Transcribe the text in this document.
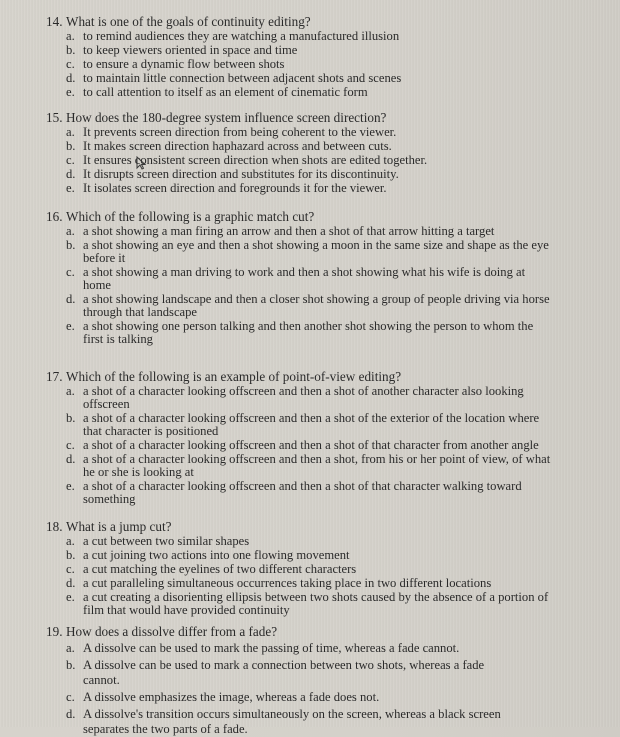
14. What is one of the goals of continuity editing?
a. to remind audiences they are watching a manufactured illusion
b. to keep viewers oriented in space and time
c. to ensure a dynamic flow between shots
d. to maintain little connection between adjacent shots and scenes
e. to call attention to itself as an element of cinematic form
15. How does the 180-degree system influence screen direction?
a. It prevents screen direction from being coherent to the viewer.
b. It makes screen direction haphazard across and between cuts.
c. It ensures consistent screen direction when shots are edited together.
d. It disrupts screen direction and substitutes for its discontinuity.
e. It isolates screen direction and foregrounds it for the viewer.
16. Which of the following is a graphic match cut?
a. a shot showing a man firing an arrow and then a shot of that arrow hitting a target
b. a shot showing an eye and then a shot showing a moon in the same size and shape as the eye before it
c. a shot showing a man driving to work and then a shot showing what his wife is doing at home
d. a shot showing landscape and then a closer shot showing a group of people driving via horse through that landscape
e. a shot showing one person talking and then another shot showing the person to whom the first is talking
17. Which of the following is an example of point-of-view editing?
a. a shot of a character looking offscreen and then a shot of another character also looking offscreen
b. a shot of a character looking offscreen and then a shot of the exterior of the location where that character is positioned
c. a shot of a character looking offscreen and then a shot of that character from another angle
d. a shot of a character looking offscreen and then a shot, from his or her point of view, of what he or she is looking at
e. a shot of a character looking offscreen and then a shot of that character walking toward something
18. What is a jump cut?
a. a cut between two similar shapes
b. a cut joining two actions into one flowing movement
c. a cut matching the eyelines of two different characters
d. a cut paralleling simultaneous occurrences taking place in two different locations
e. a cut creating a disorienting ellipsis between two shots caused by the absence of a portion of film that would have provided continuity
19. How does a dissolve differ from a fade?
a. A dissolve can be used to mark the passing of time, whereas a fade cannot.
b. A dissolve can be used to mark a connection between two shots, whereas a fade cannot.
c. A dissolve emphasizes the image, whereas a fade does not.
d. A dissolve's transition occurs simultaneously on the screen, whereas a black screen separates the two parts of a fade.
